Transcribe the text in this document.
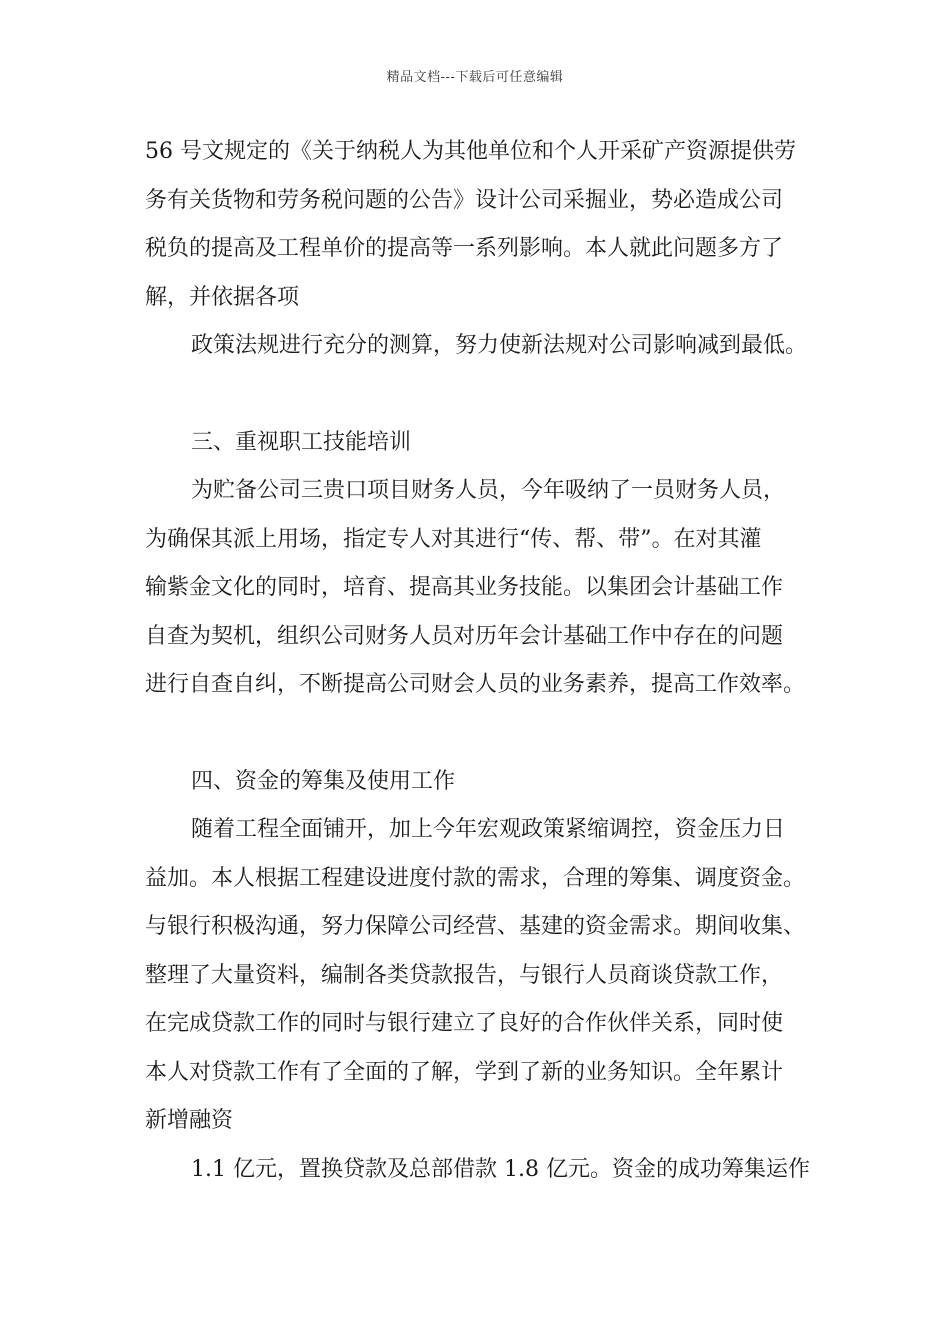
精品文档---下载后可任意编辑
56 号文规定的《关于纳税人为其他单位和个人开采矿产资源提供劳
务有关货物和劳务税问题的公告》设计公司采掘业，势必造成公司
税负的提高及工程单价的提高等一系列影响。本人就此问题多方了
解，并依据各项
政策法规进行充分的测算，努力使新法规对公司影响减到最低。
三、重视职工技能培训
为贮备公司三贵口项目财务人员，今年吸纳了一员财务人员，
为确保其派上用场，指定专人对其进行“传、帮、带”。在对其灌
输紫金文化的同时，培育、提高其业务技能。以集团会计基础工作
自查为契机，组织公司财务人员对历年会计基础工作中存在的问题
进行自查自纠，不断提高公司财会人员的业务素养，提高工作效率。
四、资金的筹集及使用工作
随着工程全面铺开，加上今年宏观政策紧缩调控，资金压力日
益加。本人根据工程建设进度付款的需求，合理的筹集、调度资金。
与银行积极沟通，努力保障公司经营、基建的资金需求。期间收集、
整理了大量资料，编制各类贷款报告，与银行人员商谈贷款工作，
在完成贷款工作的同时与银行建立了良好的合作伙伴关系，同时使
本人对贷款工作有了全面的了解，学到了新的业务知识。全年累计
新增融资
1.1 亿元，置换贷款及总部借款 1.8 亿元。资金的成功筹集运作
